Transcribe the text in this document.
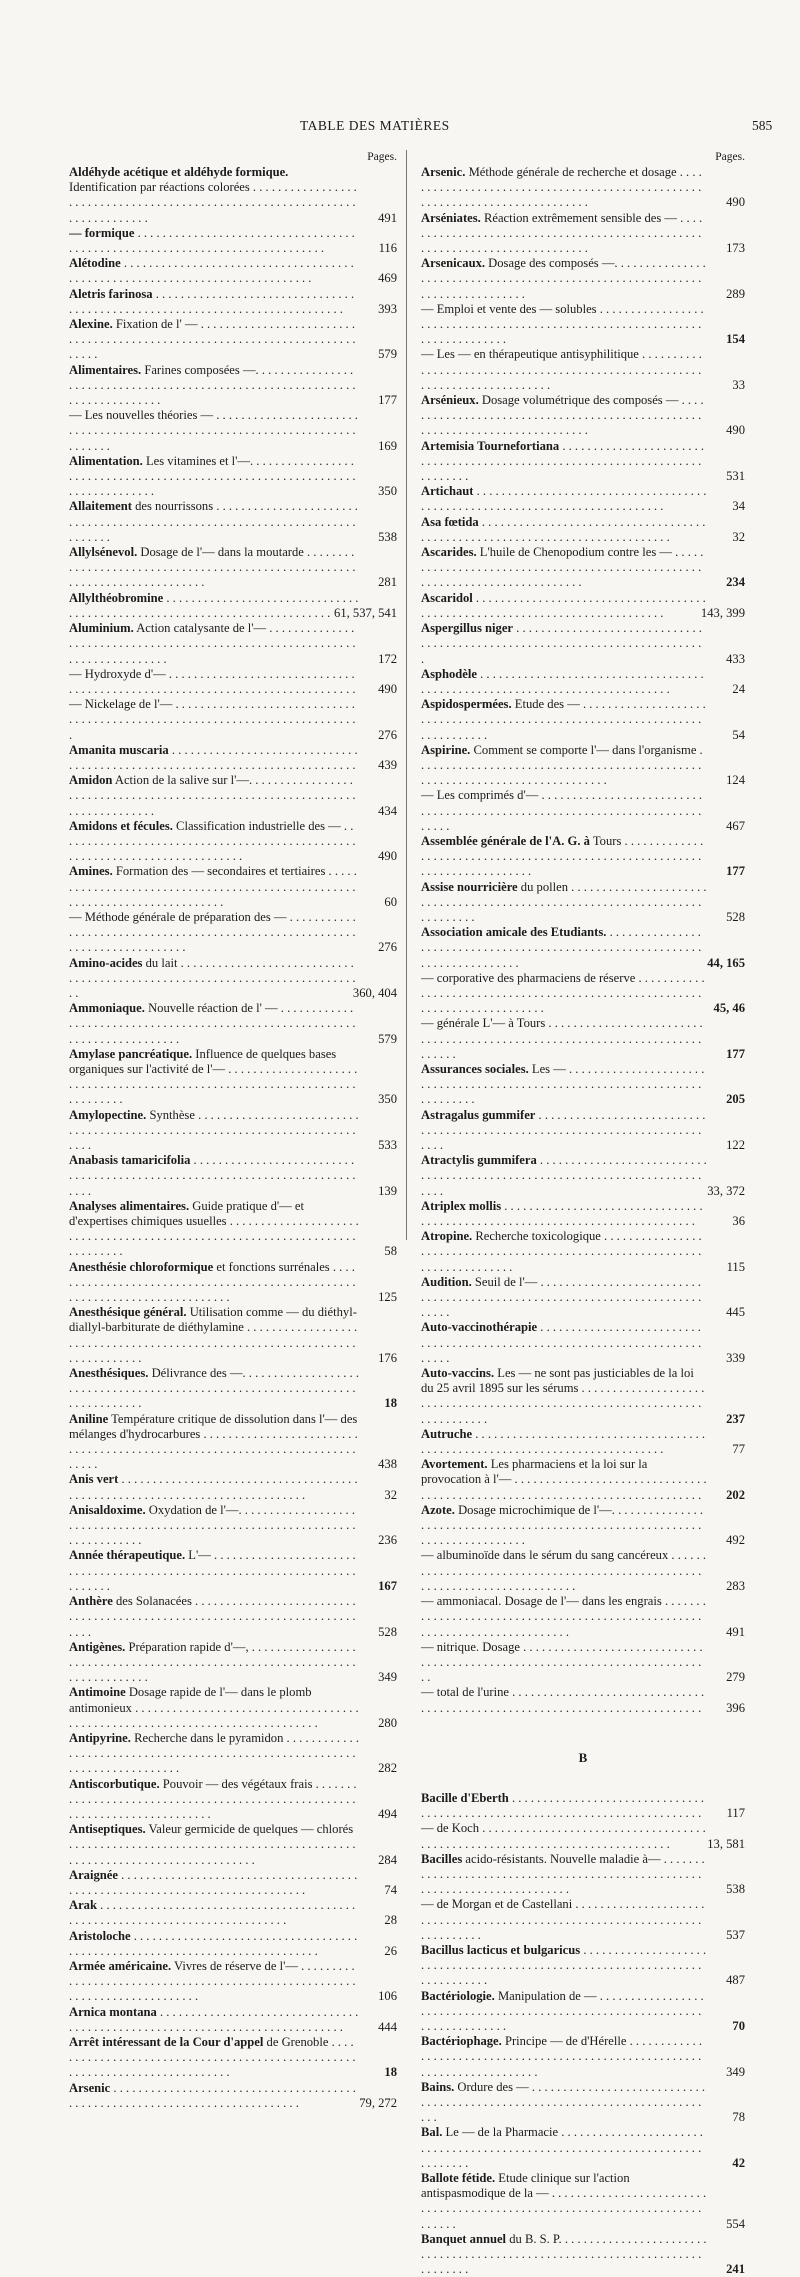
TABLE DES MATIÈRES	585
Pages.
Aldéhyde acétique et aldéhyde formique. Identification par réactions colorées . . .
491
— formique . . .
116
Alétodine . . .
469
Aletris farinosa . . .
393
Alexine. Fixation de l' — . . .
579
Alimentaires. Farines composées —. . . .
177
— Les nouvelles théories — . . .
169
Alimentation. Les vitamines et l'—. . . .
350
Allaitement des nourrissons . . .
538
Allylsénevol. Dosage de l'— dans la moutarde . . .
281
Allylthéobromine . . .
61, 537, 541
Aluminium. Action catalysante de l'— . . .
172
— Hydroxyde d'— . . .
490
— Nickelage de l'— . . .
276
Amanita muscaria . . .
439
Amidon Action de la salive sur l'—. . . .
434
Amidons et fécules. Classification industrielle des — . . .
490
Amines. Formation des — secondaires et tertiaires . . .
60
— Méthode générale de préparation des — . . .
276
Amino-acides du lait . . .
360, 404
Ammoniaque. Nouvelle réaction de l' — . . .
579
Amylase pancréatique. Influence de quelques bases organiques sur l'activité de l'— . . .
350
Amylopectine. Synthèse . . .
533
Anabasis tamaricifolia . . .
139
Analyses alimentaires. Guide pratique d'— et d'expertises chimiques usuelles . . .
58
Anesthésie chloroformique et fonctions surrénales . . .
125
Anesthésique général. Utilisation comme — du diéthyl-diallyl-barbiturate de diéthylamine . . .
176
Anesthésiques. Délivrance des —. . . .
18
Aniline Température critique de dissolution dans l'— des mélanges d'hydrocarbures . . .
438
Anis vert . . .
32
Anisaldoxime. Oxydation de l'—. . . .
236
Année thérapeutique. L'— . . .
167
Anthère des Solanacées . . .
528
Antigènes. Préparation rapide d'—, . . .
349
Antimoine Dosage rapide de l'— dans le plomb antimonieux . . .
280
Antipyrine. Recherche dans le pyramidon . . .
282
Antiscorbutique. Pouvoir — des végétaux frais . . .
494
Antiseptiques. Valeur germicide de quelques — chlorés . . .
284
Araignée . . .
74
Arak . . .
28
Aristoloche . . .
26
Armée américaine. Vivres de réserve de l'— . . .
106
Arnica montana . . .
444
Arrêt intéressant de la Cour d'appel de Grenoble . . .
18
Arsenic . . .
79, 272
Pages.
Arsenic. Méthode générale de recherche et dosage . . .
490
Arséniates. Réaction extrêmement sensible des — . . .
173
Arsenicaux. Dosage des composés —. . . .
289
— Emploi et vente des — solubles . . .
154
— Les — en thérapeutique antisyphilitique . . .
33
Arsénieux. Dosage volumétrique des composés — . . .
490
Artemisia Tournefortiana . . .
531
Artichaut . . .
34
Asa fœtida . . .
32
Ascarides. L'huile de Chenopodium contre les — . . .
234
Ascaridol . . .
143, 399
Aspergillus niger . . .
433
Asphodèle . . .
24
Aspidospermées. Etude des — . . .
54
Aspirine. Comment se comporte l'— dans l'organisme . . .
124
— Les comprimés d'— . . .
467
Assemblée générale de l'A. G. à Tours . . .
177
Assise nourricière du pollen . . .
528
Association amicale des Etudiants. . . .
44, 165
— corporative des pharmaciens de réserve . . .
45, 46
— générale L'— à Tours . . .
177
Assurances sociales. Les — . . .
205
Astragalus gummifer . . .
122
Atractylis gummifera . . .
33, 372
Atriplex mollis . . .
36
Atropine. Recherche toxicologique . . .
115
Audition. Seuil de l'— . . .
445
Auto-vaccinothérapie . . .
339
Auto-vaccins. Les — ne sont pas justiciables de la loi du 25 avril 1895 sur les sérums . . .
237
Autruche . . .
77
Avortement. Les pharmaciens et la loi sur la provocation à l'— . . .
202
Azote. Dosage microchimique de l'—. . . .
492
— albuminoïde dans le sérum du sang cancéreux . . .
283
— ammoniacal. Dosage de l'— dans les engrais . . .
491
— nitrique. Dosage . . .
279
— total de l'urine . . .
396
B
Bacille d'Eberth . . .
117
— de Koch . . .
13, 581
Bacilles acido-résistants. Nouvelle maladie à— . . .
538
— de Morgan et de Castellani . . .
537
Bacillus lacticus et bulgaricus . . .
487
Bactériologie. Manipulation de — . . .
70
Bactériophage. Principe — de d'Hérelle . . .
349
Bains. Ordure des — . . .
78
Bal. Le — de la Pharmacie . . .
42
Ballote fétide. Etude clinique sur l'action antispasmodique de la — . . .
554
Banquet annuel du B. S. P. . . .
241
